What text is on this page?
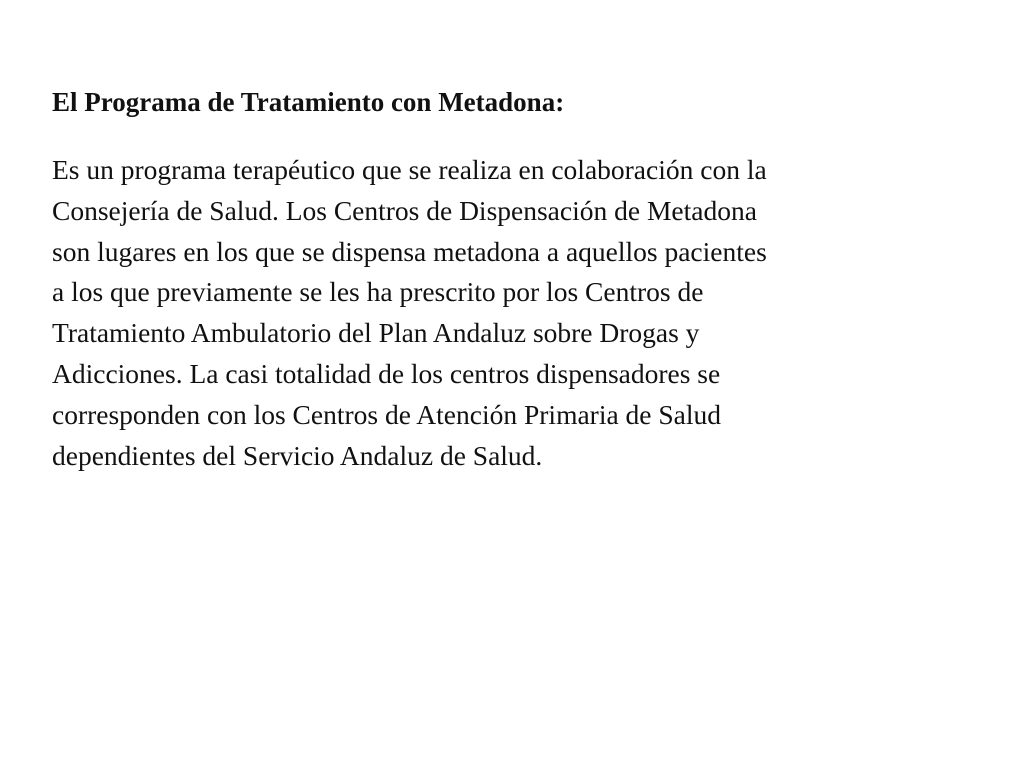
El Programa de Tratamiento con Metadona:

Es un programa terapéutico que se realiza en colaboración con la
Consejería de Salud. Los Centros de Dispensación de Metadona
son lugares en los que se dispensa metadona a aquellos pacientes
a los que previamente se les ha prescrito por los Centros de
Tratamiento Ambulatorio del Plan Andaluz sobre Drogas y
Adicciones. La casi totalidad de los centros dispensadores se
corresponden con los Centros de Atención Primaria de Salud
dependientes del Servicio Andaluz de Salud.
